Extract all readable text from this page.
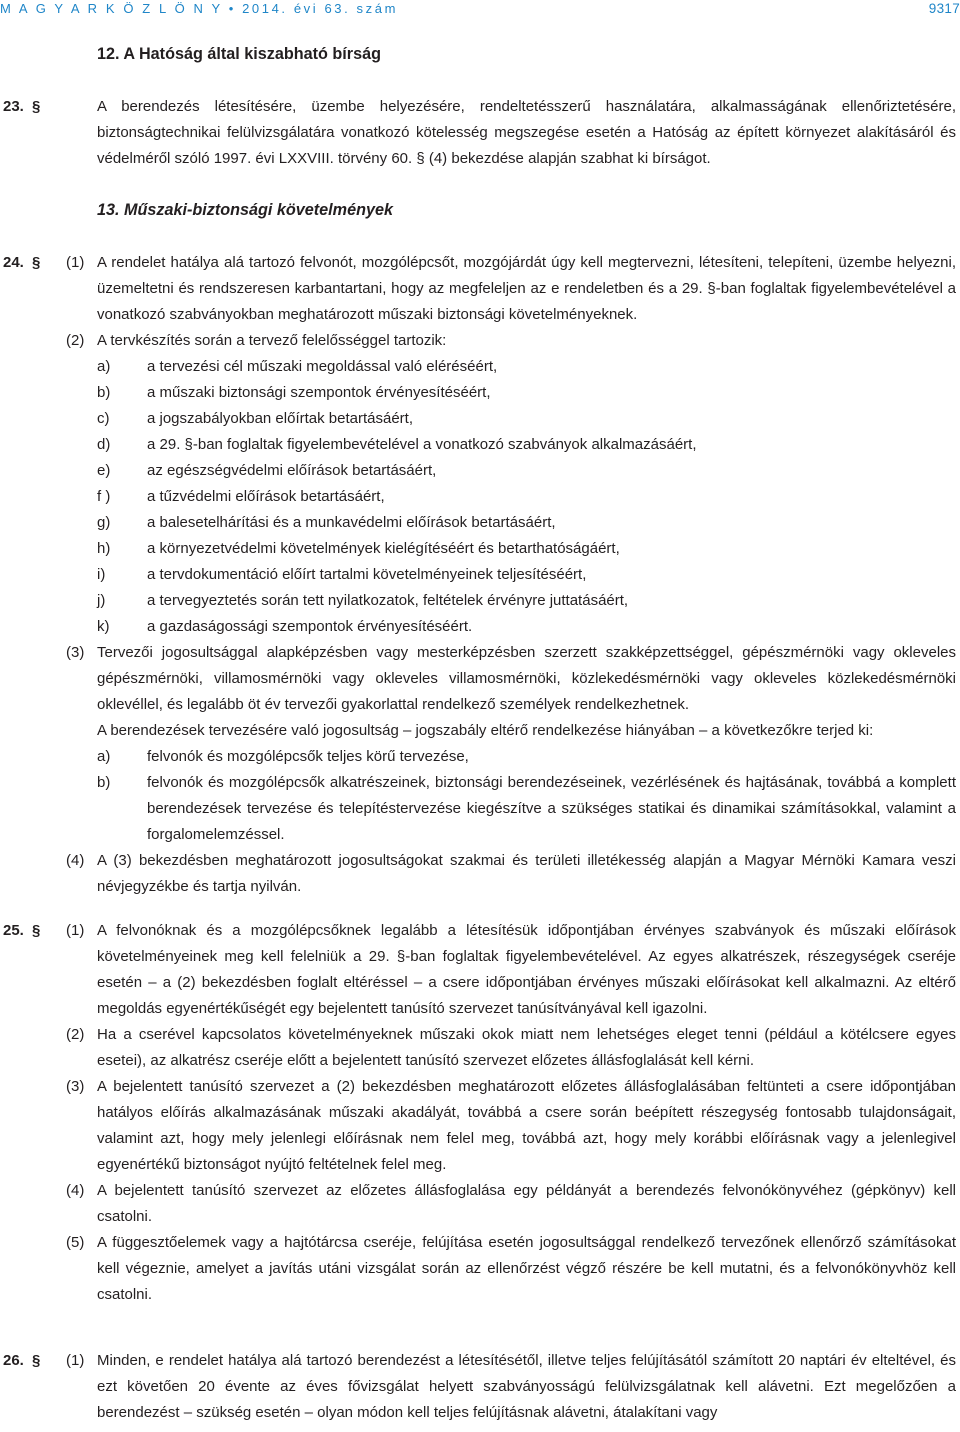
M A G Y A R K Ö Z L Ö N Y • 2014. évi 63. szám	9317
12. A Hatóság által kiszabható bírság
23. §	A berendezés létesítésére, üzembe helyezésére, rendeltetésszerű használatára, alkalmasságának ellenőriztetésére, biztonságtechnikai felülvizsgálatára vonatkozó kötelesség megszegése esetén a Hatóság az épített környezet alakításáról és védelméről szóló 1997. évi LXXVIII. törvény 60. § (4) bekezdése alapján szabhat ki bírságot.
13. Műszaki-biztonsági követelmények
24. § (1) A rendelet hatálya alá tartozó felvonót, mozgólépcsőt, mozgójárdát úgy kell megtervezni, létesíteni, telepíteni, üzembe helyezni, üzemeltetni és rendszeresen karbantartani, hogy az megfeleljen az e rendeletben és a 29. §-ban foglaltak figyelembevételével a vonatkozó szabványokban meghatározott műszaki biztonsági követelményeknek.
(2) A tervkészítés során a tervező felelősséggel tartozik:
a) a tervezési cél műszaki megoldással való eléréséért,
b) a műszaki biztonsági szempontok érvényesítéséért,
c)	a jogszabályokban előírtak betartásáért,
d) a 29. §-ban foglaltak figyelembevételével a vonatkozó szabványok alkalmazásáért,
e) az egészségvédelmi előírások betartásáért,
f ) a tűzvédelmi előírások betartásáért,
g) a balesetelhárítási és a munkavédelmi előírások betartásáért,
h) a környezetvédelmi követelmények kielégítéséért és betarthatóságáért,
i)	a tervdokumentáció előírt tartalmi követelményeinek teljesítéséért,
j)	a tervegyeztetés során tett nyilatkozatok, feltételek érvényre juttatásáért,
k)	a gazdaságossági szempontok érvényesítéséért.
(3) Tervezői jogosultsággal alapképzésben vagy mesterképzésben szerzett szakképzettséggel, gépészmérnöki vagy okleveles gépészmérnöki, villamosmérnöki vagy okleveles villamosmérnöki, közlekedésmérnöki vagy okleveles közlekedésmérnöki oklevéllel, és legalább öt év tervezői gyakorlattal rendelkező személyek rendelkezhetnek.
A berendezések tervezésére való jogosultság – jogszabály eltérő rendelkezése hiányában – a következőkre terjed ki:
a) felvonók és mozgólépcsők teljes körű tervezése,
b) felvonók és mozgólépcsők alkatrészeinek, biztonsági berendezéseinek, vezérlésének és hajtásának, továbbá a komplett berendezések tervezése és telepítéstervezése kiegészítve a szükséges statikai és dinamikai számításokkal, valamint a forgalomelemzéssel.
(4) A (3) bekezdésben meghatározott jogosultságokat szakmai és területi illetékesség alapján a Magyar Mérnöki Kamara veszi névjegyzékbe és tartja nyilván.
25. § (1) A felvonóknak és a mozgólépcsőknek legalább a létesítésük időpontjában érvényes szabványok és műszaki előírások követelményeinek meg kell felelniük a 29. §-ban foglaltak figyelembevételével. Az egyes alkatrészek, részegységek cseréje esetén – a (2) bekezdésben foglalt eltéréssel – a csere időpontjában érvényes műszaki előírásokat kell alkalmazni. Az eltérő megoldás egyenértékűségét egy bejelentett tanúsító szervezet tanúsítványával kell igazolni.
(2) Ha a cserével kapcsolatos követelményeknek műszaki okok miatt nem lehetséges eleget tenni (például a kötélcsere egyes esetei), az alkatrész cseréje előtt a bejelentett tanúsító szervezet előzetes állásfoglalását kell kérni.
(3) A bejelentett tanúsító szervezet a (2) bekezdésben meghatározott előzetes állásfoglalásában feltünteti a csere időpontjában hatályos előírás alkalmazásának műszaki akadályát, továbbá a csere során beépített részegység fontosabb tulajdonságait, valamint azt, hogy mely jelenlegi előírásnak nem felel meg, továbbá azt, hogy mely korábbi előírásnak vagy a jelenlegivel egyenértékű biztonságot nyújtó feltételnek felel meg.
(4) A bejelentett tanúsító szervezet az előzetes állásfoglalása egy példányát a berendezés felvonókönyvéhez (gépkönyv) kell csatolni.
(5) A függesztőelemek vagy a hajtótárcsa cseréje, felújítása esetén jogosultsággal rendelkező tervezőnek ellenőrző számításokat kell végeznie, amelyet a javítás utáni vizsgálat során az ellenőrzést végző részére be kell mutatni, és a felvonókönyvhöz kell csatolni.
26. § (1) Minden, e rendelet hatálya alá tartozó berendezést a létesítésétől, illetve teljes felújításától számított 20 naptári év elteltével, és ezt követően 20 évente az éves fővizsgálat helyett szabványosságú felülvizsgálatnak kell alávetni. Ezt megelőzően a berendezést – szükség esetén – olyan módon kell teljes felújításnak alávetni, átalakítani vagy
